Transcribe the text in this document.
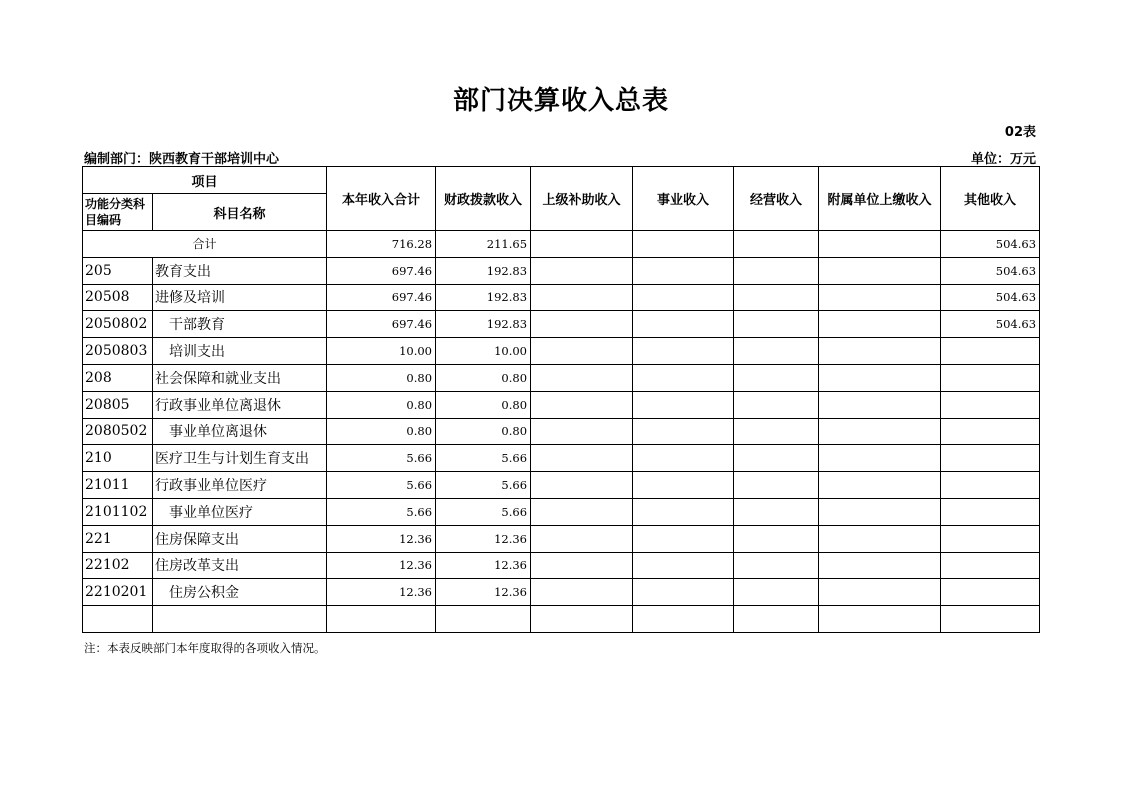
部门决算收入总表
02表
编制部门：陕西教育干部培训中心	单位：万元
项目		本年收入合计	财政拨款收入	上级补助收入	事业收入	经营收入	附属单位上缴收入	其他收入
功能分类科目编码	科目名称							
合计		716.28	211.65					504.63
205	教育支出	697.46	192.83					504.63
20508	进修及培训	697.46	192.83					504.63
2050802	干部教育	697.46	192.83					504.63
2050803	培训支出	10.00	10.00					
208	社会保障和就业支出	0.80	0.80					
20805	行政事业单位离退休	0.80	0.80					
2080502	事业单位离退休	0.80	0.80					
210	医疗卫生与计划生育支出	5.66	5.66					
21011	行政事业单位医疗	5.66	5.66					
2101102	事业单位医疗	5.66	5.66					
221	住房保障支出	12.36	12.36					
22102	住房改革支出	12.36	12.36					
2210201	住房公积金	12.36	12.36					

注：本表反映部门本年度取得的各项收入情况。
